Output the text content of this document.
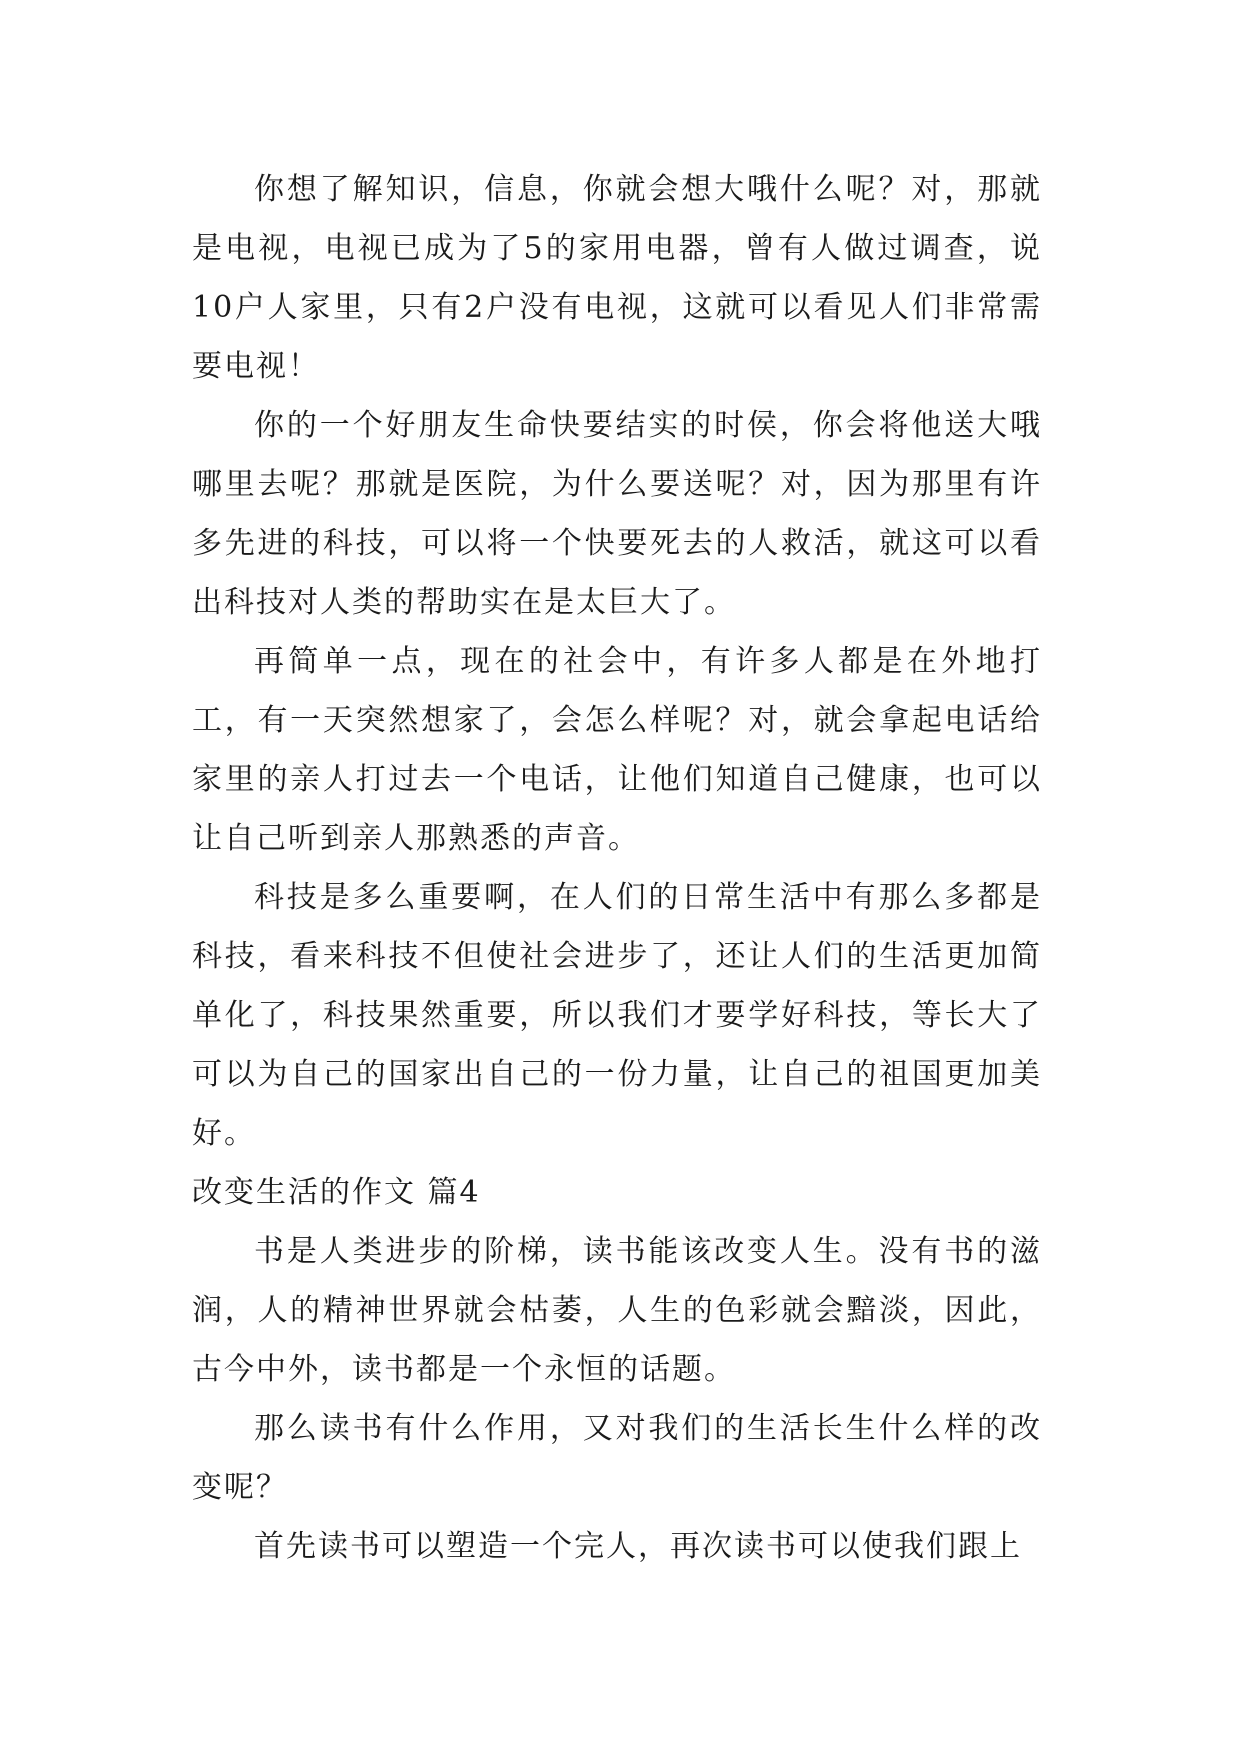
你想了解知识，信息，你就会想大哦什么呢？对，那就是电视，电视已成为了5的家用电器，曾有人做过调查，说10户人家里，只有2户没有电视，这就可以看见人们非常需要电视！

你的一个好朋友生命快要结实的时侯，你会将他送大哦哪里去呢？那就是医院，为什么要送呢？对，因为那里有许多先进的科技，可以将一个快要死去的人救活，就这可以看出科技对人类的帮助实在是太巨大了。

再简单一点，现在的社会中，有许多人都是在外地打工，有一天突然想家了，会怎么样呢？对，就会拿起电话给家里的亲人打过去一个电话，让他们知道自己健康，也可以让自己听到亲人那熟悉的声音。

科技是多么重要啊，在人们的日常生活中有那么多都是科技，看来科技不但使社会进步了，还让人们的生活更加简单化了，科技果然重要，所以我们才要学好科技，等长大了可以为自己的国家出自己的一份力量，让自己的祖国更加美好。

改变生活的作文 篇4

书是人类进步的阶梯，读书能该改变人生。没有书的滋润，人的精神世界就会枯萎，人生的色彩就会黯淡，因此，古今中外，读书都是一个永恒的话题。

那么读书有什么作用，又对我们的生活长生什么样的改变呢？

首先读书可以塑造一个完人，再次读书可以使我们跟上
